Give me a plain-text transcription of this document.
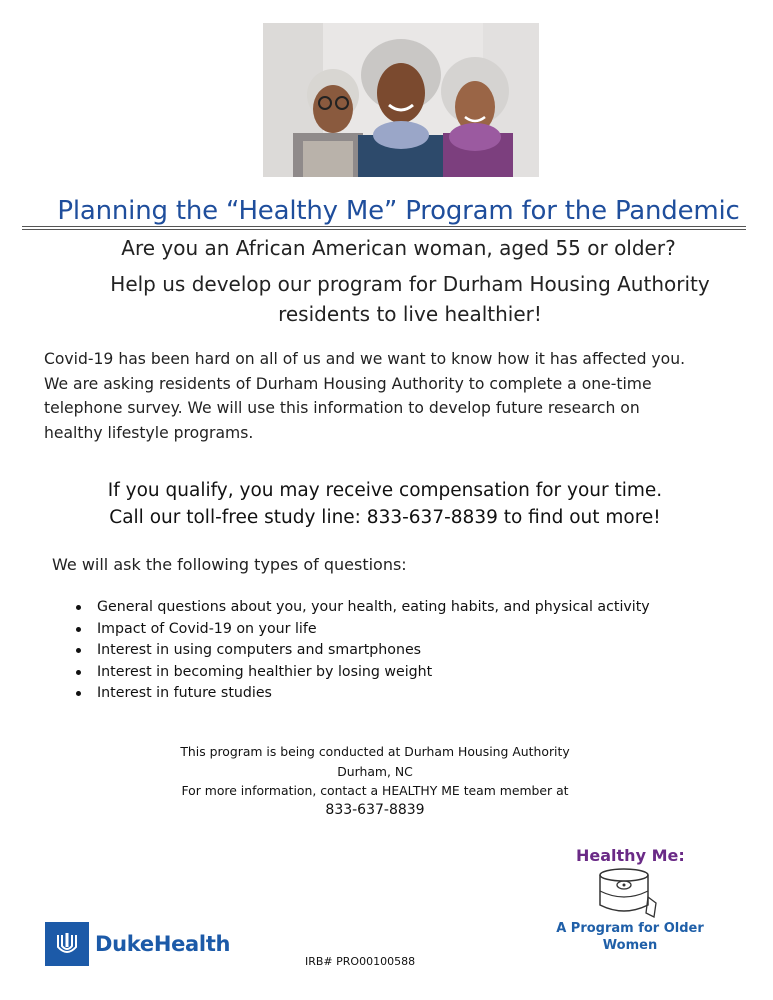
Planning the “Healthy Me” Program for the Pandemic
Are you an African American woman, aged 55 or older?
Help us develop our program for Durham Housing Authority
residents to live healthier!
Covid-19 has been hard on all of us and we want to know how it has affected you.
We are asking residents of Durham Housing Authority to complete a one-time
telephone survey. We will use this information to develop future research on
healthy lifestyle programs.
If you qualify, you may receive compensation for your time.
Call our toll-free study line: 833-637-8839 to find out more!
We will ask the following types of questions:
General questions about you, your health, eating habits, and physical activity
Impact of Covid-19 on your life
Interest in using computers and smartphones
Interest in becoming healthier by losing weight
Interest in future studies
This program is being conducted at Durham Housing Authority
Durham, NC
For more information, contact a HEALTHY ME team member at
833-637-8839
DukeHealth
IRB# PRO00100588
Healthy Me:
A Program for Older
Women
